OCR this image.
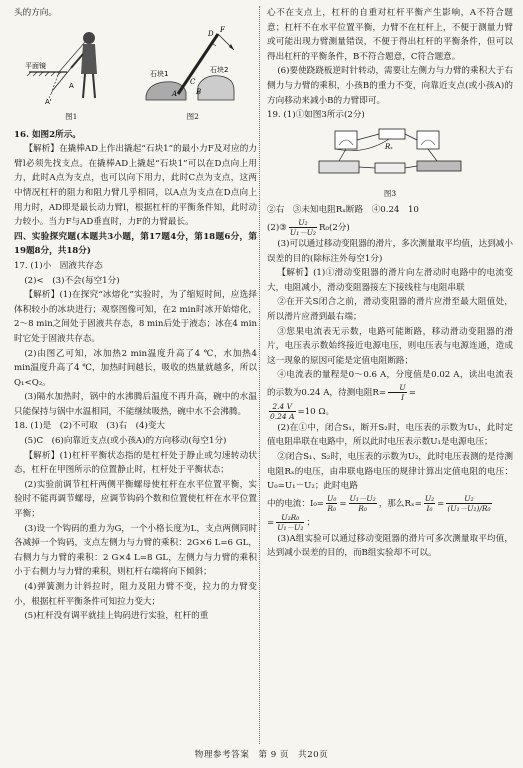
头的方向。

平面镜
A
A'
图1
石块1	石块2
F
D
A
C
B
图2

16. 如图2所示。

【解析】在撬棒AD上作出撬起“石块1”的最小力F及对应的力臂l必须先找支点。在撬棒AD上撬起“石块1”可以在D点向上用力，此时A点为支点，也可以向下用力，此时C点为支点，这两中情况杠杆的阻力和阻力臂几乎相同，以A点为支点在D点向上用力时，AD即是最长动力臂l，根据杠杆的平衡条件知，此时动力较小。当力F与AD垂直时，力F的力臂最长。

四、实验探究题(本题共3小题，第17题4分，第18题6分，第19题8分，共18分)

17. (1)小　固液共存态

(2)<　(3)不会(每空1分)

【解析】(1)在探究“冰熔化”实验时，为了缩短时间，应选择体积较小的冰块进行；观察图像可知，在2 min时冰开始熔化，2～8 min之间处于固液共存态，8 min后处于液态；冰在4 min时它处于固液共存态。

(2)由图乙可知，冰加热2 min温度升高了4 ℃，水加热4 min温度升高了4 ℃，加热时间越长，吸收的热量就越多，所以Q₁<Q₂。

(3)隔水加热时，锅中的水沸腾后温度不再升高，碗中的水温只能保持与锅中水温相同，不能继续吸热，碗中水不会沸腾。

18. (1)是　(2)不可取　(3)右　(4)变大

(5)C　(6)向靠近支点(或小孩A)的方向移动(每空1分)

【解析】(1)杠杆平衡状态指的是杠杆处于静止或匀速转动状态，杠杆在甲图所示的位置静止时，杠杆处于平衡状态；

(2)实验前调节杠杆两侧平衡螺母使杠杆在水平位置平衡，实验时不能再调节螺母，应调节钩码个数和位置使杠杆在水平位置平衡；

(3)设一个钩码的重力为G，一个小格长度为L，支点两侧同时各减掉一个钩码，支点左侧力与力臂的乘积：2G×6 L=6 GL，右侧力与力臂的乘积：2 G×4 L=8 GL，左侧力与力臂的乘积小于右侧力与力臂的乘积，则杠杆右端将向下倾斜；

(4)弹簧测力计斜拉时，阻力及阻力臂不变，拉力的力臂变小，根据杠杆平衡条件可知拉力变大；

(5)杠杆没有调平就挂上钩码进行实验，杠杆的重

心不在支点上，杠杆的自重对杠杆平衡产生影响，A不符合题意；杠杆不在水平位置平衡，力臂不在杠杆上，不便于测量力臂或可能出现力臂测量错误，不便于得出杠杆的平衡条件，但可以得出杠杆的平衡条件，B不符合题意，C符合题意。

(6)要使跷跷板逆时针转动，需要让左侧力与力臂的乘积大于右侧力与力臂的乘积，小孩B的重力不变，向靠近支点(或小孩A)的方向移动来减小B的力臂即可。

19. (1)①如图3所示(2分)

Rₓ
图3

②右　③未知电阻Rₓ断路　④0.24　10

(2)③ $\frac{\text{U₂}}{\text{U₁－U₂}} R_0(2$分)

(3)可以通过移动变阻器的滑片，多次测量取平均值，达到减小误差的目的(除标注外每空1分)

【解析】(1)①滑动变阻器的滑片向左滑动时电路中的电流变大，电阻减小，滑动变阻器接左下接线柱与电阻串联

②在开关S闭合之前，滑动变阻器的滑片应滑至最大阻值处，所以滑片应滑到最右端；

③您果电流表无示数，电路可能断路，移动滑动变阻器的滑片，电压表示数始终接近电源电压，则电压表与电源连通，造成这一现象的原因可能是定值电阻断路；

④电流表的量程是0～0.6 A，分度值是0.02 A，读出电流表的示数为0.24 A，待测电阻$R= \frac{U}{I}$ =

$\frac{2.4 V}{0.24 A} =10$ Ω。

(2)在①中，闭合S₁，断开S₂时，电压表的示数为U₁，此时定值电阻串联在电路中，所以此时电压表示数U₁是电源电压；

②闭合S₁、S₂时，电压表的示数为U₂，此时电压表测的是待测电阻Rₓ的电压，由串联电路电压的规律计算出定值电阻的电压：U₀=U₁－U₂；此时电路

中的电流：$I_0= \frac{\text{U₀}}{\text{R₀}} = \frac{\text{U₁－U₂}}{\text{R₀}}$ ，那么$R_x= \frac{\text{U₂}}{\text{I₀}} = \frac{\text{U₂}}{\text{(U₁－U₂)/R₀}}$

= $\frac{\text{U₂R₀}}{\text{U₁－U₂}}$ ；

(3)A组实验可以通过移动变阻器的滑片可多次测量取平均值，达到减小误差的目的，而B组实验却不可以。

物理参考答案　第 9 页　共20页
